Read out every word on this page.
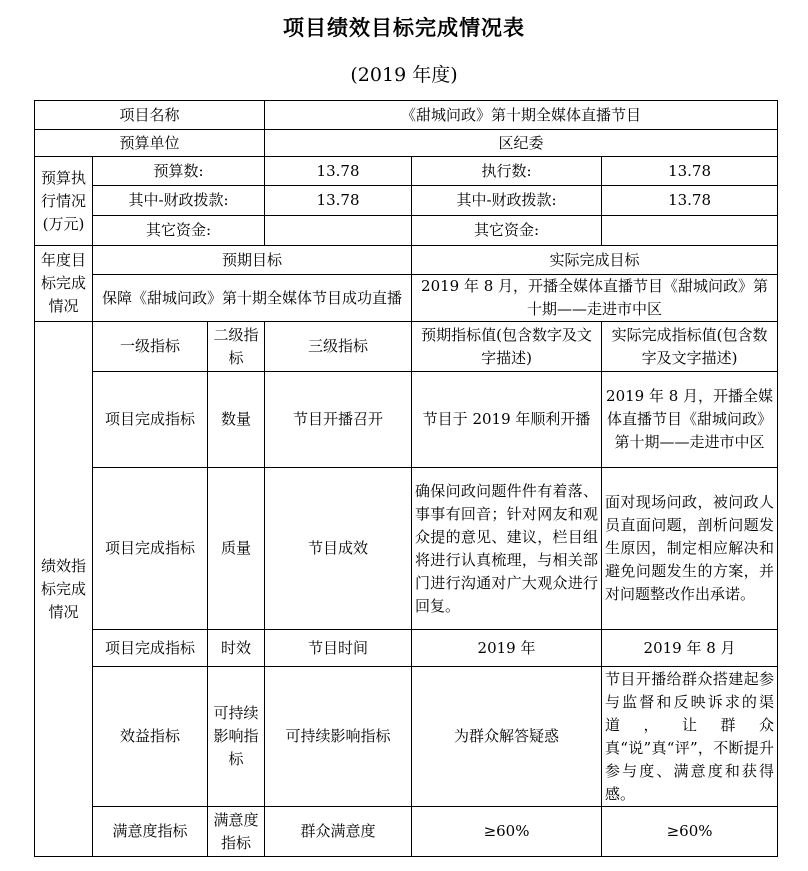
项目绩效目标完成情况表
(2019 年度)
项目名称			《甜城问政》第十期全媒体直播节目		
预算单位			区纪委		
预算执行情况(万元)	预算数:		13.78	执行数:	13.78
	其中-财政拨款:		13.78	其中-财政拨款:	13.78
	其它资金:			其它资金:	
年度目标完成情况	预期目标			实际完成目标	
	保障《甜城问政》第十期全媒体节目成功直播			2019 年 8 月，开播全媒体直播节目《甜城问政》第十期——走进市中区	
绩效指标完成情况	一级指标	二级指标	三级指标	预期指标值(包含数字及文字描述)	实际完成指标值(包含数字及文字描述)
	项目完成指标	数量	节目开播召开	节目于 2019 年顺利开播	2019 年 8 月，开播全媒体直播节目《甜城问政》第十期——走进市中区
	项目完成指标	质量	节目成效	确保问政问题件件有着落、事事有回音；针对网友和观众提的意见、建议，栏目组将进行认真梳理，与相关部门进行沟通对广大观众进行回复。	面对现场问政，被问政人员直面问题，剖析问题发生原因，制定相应解决和避免问题发生的方案，并对问题整改作出承诺。
	项目完成指标	时效	节目时间	2019 年	2019 年 8 月
	效益指标	可持续影响指标	可持续影响指标	为群众解答疑惑	节目开播给群众搭建起参与监督和反映诉求的渠道，让群众真“说”真“评”，不断提升参与度、满意度和获得感。
	满意度指标	满意度指标	群众满意度	≥60%	≥60%
